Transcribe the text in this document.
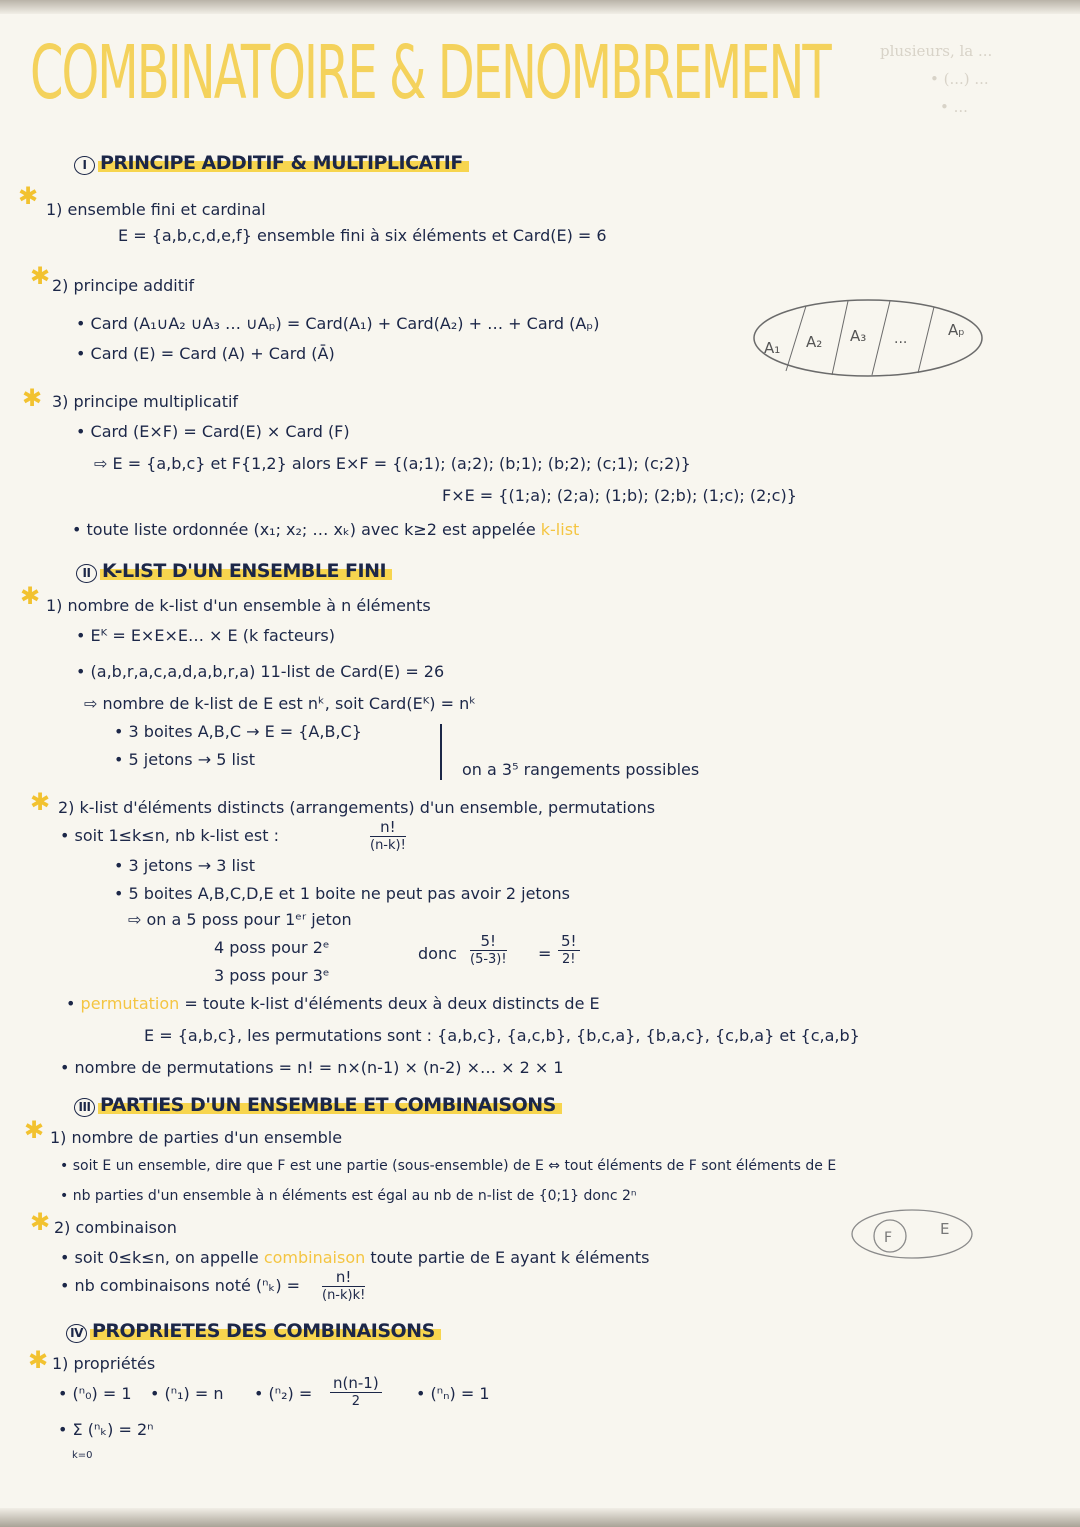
plusieurs, la ...
• (...) ...
• ...
COMBINATOIRE & DENOMBREMENT
I PRINCIPE ADDITIF & MULTIPLICATIF
✱ 1) ensemble fini et cardinal
E = {a,b,c,d,e,f} ensemble fini à six éléments et Card(E) = 6
✱ 2) principe additif
• Card (A₁∪A₂ ∪A₃ … ∪Aₚ) = Card(A₁) + Card(A₂) + … + Card (Aₚ)
• Card (E) = Card (A) + Card (Ā)	A₁ A₂ A₃ ...	Aₚ
✱ 3) principe multiplicatif
• Card (E×F) = Card(E) × Card (F)
⇨ E = {a,b,c} et F{1,2} alors E×F = {(a;1); (a;2); (b;1); (b;2); (c;1); (c;2)}
F×E = {(1;a); (2;a); (1;b); (2;b); (1;c); (2;c)}
• toute liste ordonnée (x₁; x₂; … xₖ) avec k≥2 est appelée k-list
II K-LIST D'UN ENSEMBLE FINI
✱ 1) nombre de k-list d'un ensemble à n éléments
• Eᴷ = E×E×E… × E (k facteurs)
• (a,b,r,a,c,a,d,a,b,r,a) 11-list de Card(E) = 26
⇨ nombre de k-list de E est nᵏ, soit Card(Eᴷ) = nᵏ
• 3 boites A,B,C → E = {A,B,C}
• 5 jetons → 5 list
on a 3⁵ rangements possibles
✱ 2) k-list d'éléments distincts (arrangements) d'un ensemble, permutations
• soit 1≤k≤n, nb k-list est :	$\frac{n!}{(n-k)!}$
• 3 jetons → 3 list
• 5 boites A,B,C,D,E et 1 boite ne peut pas avoir 2 jetons
⇨ on a 5 poss pour 1ᵉʳ jeton
4 poss pour 2ᵉ
3 poss pour 3ᵉ
donc $\frac{5!}{(5-3)!} = \frac{5!}{2!}$
• permutation = toute k-list d'éléments deux à deux distincts de E
E = {a,b,c}, les permutations sont : {a,b,c}, {a,c,b}, {b,c,a}, {b,a,c}, {c,b,a} et {c,a,b}
• nombre de permutations = n! = n×(n-1) × (n-2) ×… × 2 × 1
III PARTIES D'UN ENSEMBLE ET COMBINAISONS
✱ 1) nombre de parties d'un ensemble
• soit E un ensemble, dire que F est une partie (sous-ensemble) de E ⇔ tout éléments de F sont éléments de E
• nb parties d'un ensemble à n éléments est égal au nb de n-list de {0;1} donc 2ⁿ
✱ 2) combinaison
• soit 0≤k≤n, on appelle combinaison toute partie de E ayant k éléments
• nb combinaisons noté $(^n_k) = \frac{n!}{(n-k)k!}$
F	E
IV PROPRIETES DES COMBINAISONS
✱ 1) propriétés
• (ⁿ₀) = 1 • (ⁿ₁) = n • $(^n_2) = \frac{n(n-1)}{2}$ • (ⁿₙ) = 1
• Σ (ⁿₖ) = 2ⁿ
k=0
